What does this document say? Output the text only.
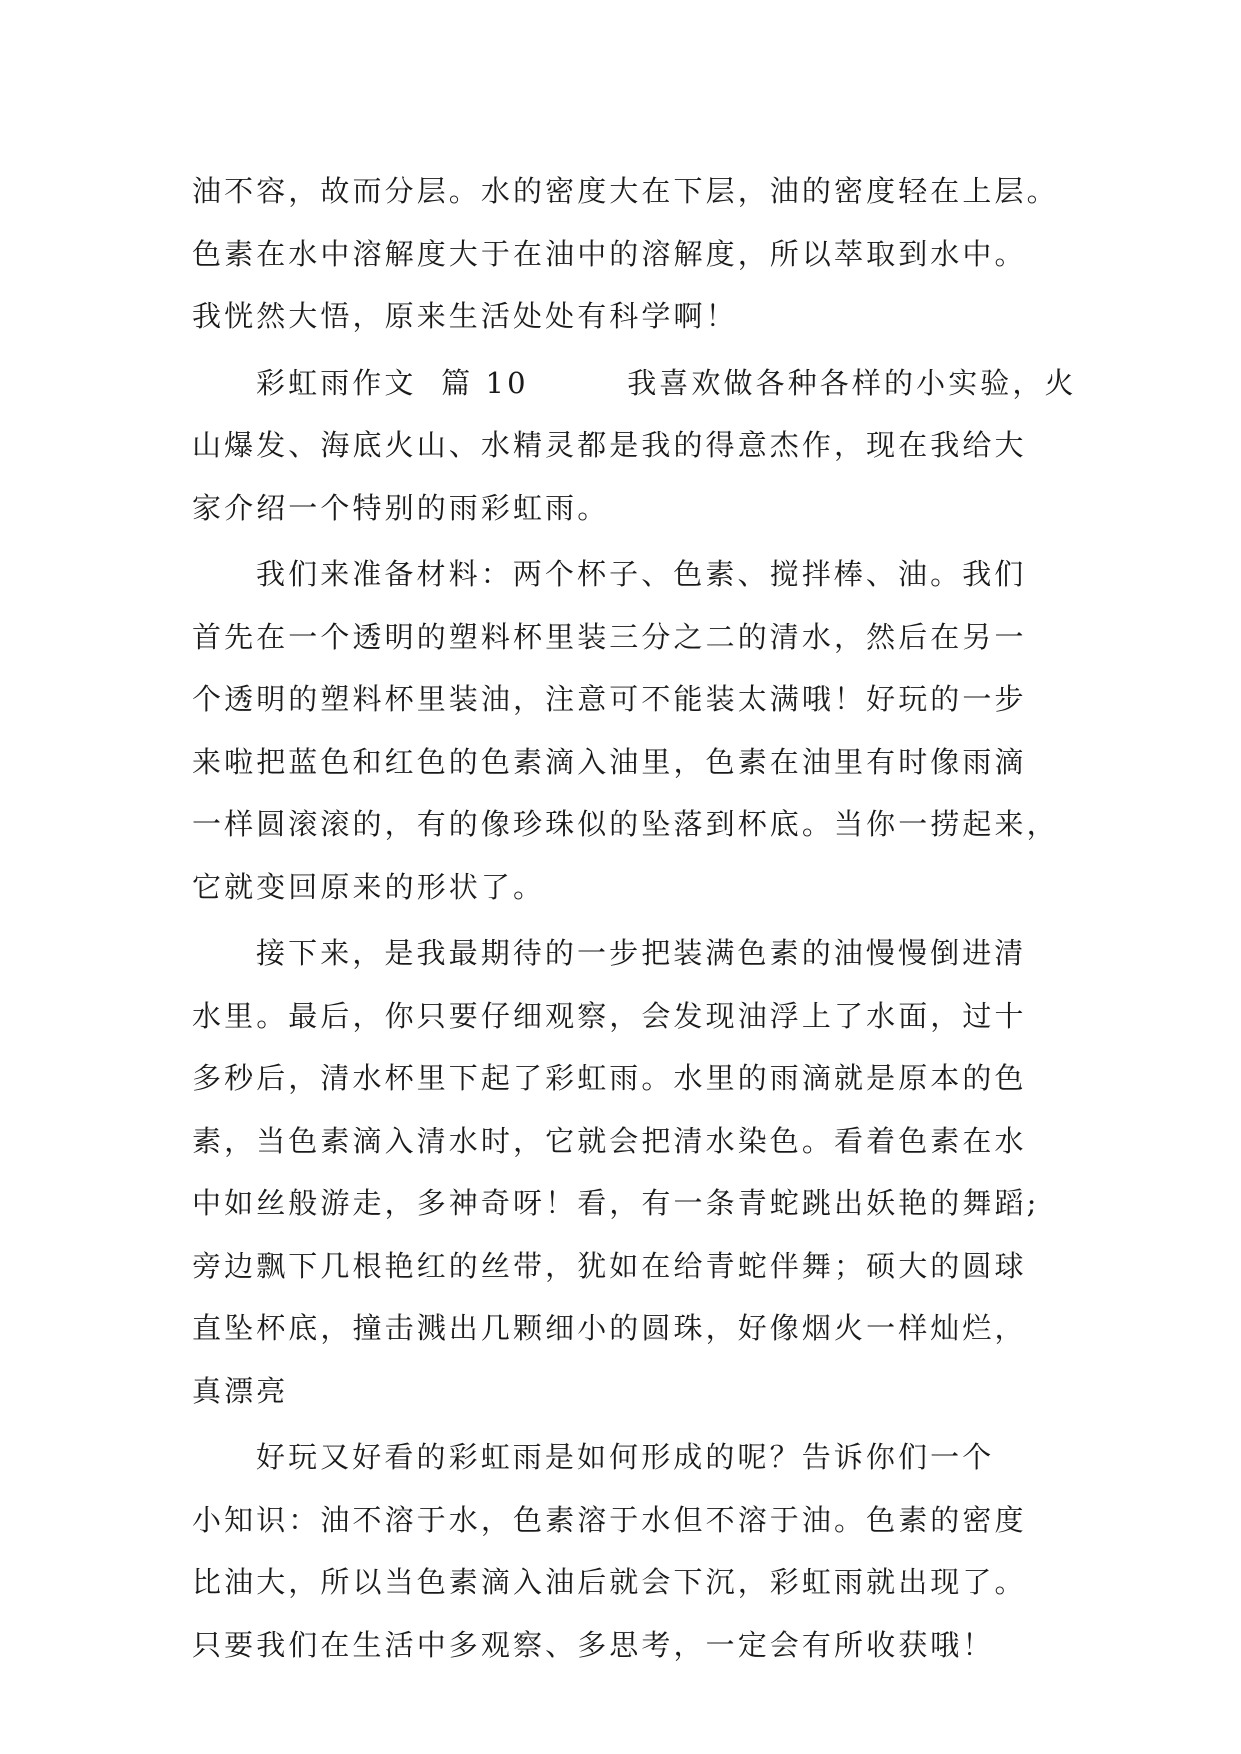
油不容，故而分层。水的密度大在下层，油的密度轻在上层。
色素在水中溶解度大于在油中的溶解度，所以萃取到水中。
我恍然大悟，原来生活处处有科学啊！
彩虹雨作文  篇 10        我喜欢做各种各样的小实验，火
山爆发、海底火山、水精灵都是我的得意杰作，现在我给大
家介绍一个特别的雨彩虹雨。
我们来准备材料：两个杯子、色素、搅拌棒、油。我们
首先在一个透明的塑料杯里装三分之二的清水，然后在另一
个透明的塑料杯里装油，注意可不能装太满哦！好玩的一步
来啦把蓝色和红色的色素滴入油里，色素在油里有时像雨滴
一样圆滚滚的，有的像珍珠似的坠落到杯底。当你一捞起来，
它就变回原来的形状了。
接下来，是我最期待的一步把装满色素的油慢慢倒进清
水里。最后，你只要仔细观察，会发现油浮上了水面，过十
多秒后，清水杯里下起了彩虹雨。水里的雨滴就是原本的色
素，当色素滴入清水时，它就会把清水染色。看着色素在水
中如丝般游走，多神奇呀！看，有一条青蛇跳出妖艳的舞蹈;
旁边飘下几根艳红的丝带，犹如在给青蛇伴舞；硕大的圆球
直坠杯底，撞击溅出几颗细小的圆珠，好像烟火一样灿烂，
真漂亮
好玩又好看的彩虹雨是如何形成的呢？告诉你们一个
小知识：油不溶于水，色素溶于水但不溶于油。色素的密度
比油大，所以当色素滴入油后就会下沉，彩虹雨就出现了。
只要我们在生活中多观察、多思考，一定会有所收获哦！
